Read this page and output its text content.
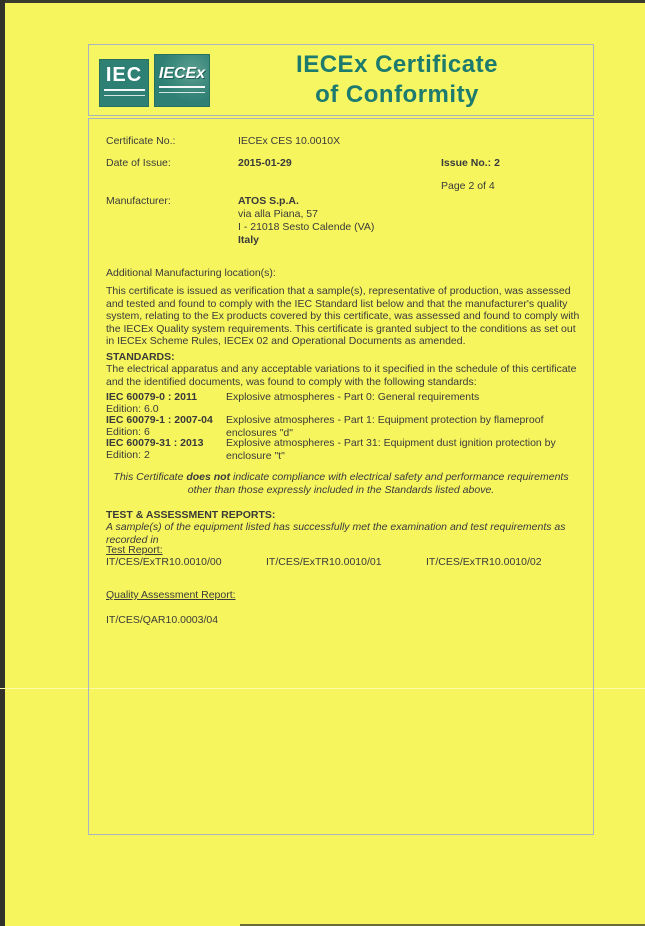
IEC	IECEx	IECEx Certificate
of Conformity
Certificate No.:	IECEx CES 10.0010X
Date of Issue:	2015-01-29	Issue No.: 2
Page 2 of 4
Manufacturer:	ATOS S.p.A.
via alla Piana, 57
I - 21018 Sesto Calende (VA)
Italy
Additional Manufacturing location(s):
This certificate is issued as verification that a sample(s), representative of production, was assessed and tested and found to comply with the IEC Standard list below and that the manufacturer's quality system, relating to the Ex products covered by this certificate, was assessed and found to comply with the IECEx Quality system requirements. This certificate is granted subject to the conditions as set out in IECEx Scheme Rules, IECEx 02 and Operational Documents as amended.
STANDARDS:
The electrical apparatus and any acceptable variations to it specified in the schedule of this certificate and the identified documents, was found to comply with the following standards:
IEC 60079-0 : 2011	Explosive atmospheres - Part 0: General requirements
Edition: 6.0
IEC 60079-1 : 2007-04 Explosive atmospheres - Part 1: Equipment protection by flameproof enclosures "d"
Edition: 6
IEC 60079-31 : 2013 Explosive atmospheres - Part 31: Equipment dust ignition protection by enclosure "t"
Edition: 2
This Certificate does not indicate compliance with electrical safety and performance requirements other than those expressly included in the Standards listed above.
TEST & ASSESSMENT REPORTS:
A sample(s) of the equipment listed has successfully met the examination and test requirements as recorded in
Test Report:
IT/CES/ExTR10.0010/00	IT/CES/ExTR10.0010/01	IT/CES/ExTR10.0010/02
Quality Assessment Report:
IT/CES/QAR10.0003/04
